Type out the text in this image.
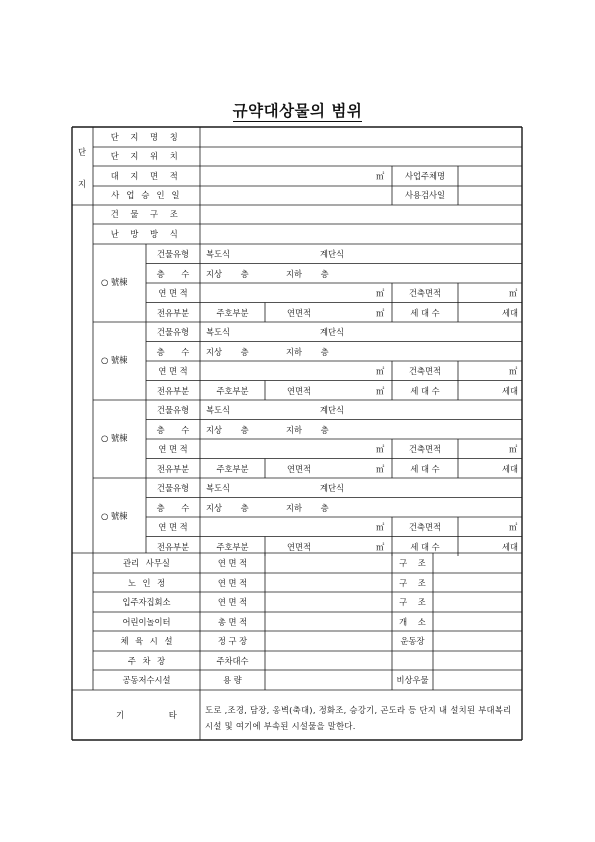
규약대상물의 범위
단
지
단 지 명 칭
단 지 위 치
대 지 면 적	㎡	사업주체명
사 업 승 인 일	사용검사일
건 물 구 조
난 방 방 식
○ 號棟
건물유형	복도식	계단식
층 수	지상 층	지하 층
연 면 적	㎡	건축면적	㎡
전유부분	주호부분	연면적	㎡	세 대 수	세대
○ 號棟
건물유형	복도식	계단식
층 수	지상 층	지하 층
연 면 적	㎡	건축면적	㎡
전유부분	주호부분	연면적	㎡	세 대 수	세대
○ 號棟
건물유형	복도식	계단식
층 수	지상 층	지하 층
연 면 적	㎡	건축면적	㎡
전유부분	주호부분	연면적	㎡	세 대 수	세대
○ 號棟
건물유형	복도식	계단식
층 수	지상 층	지하 층
연 면 적	㎡	건축면적	㎡
전유부분	주호부분	연면적	㎡	세 대 수	세대
관리 사무실	연 면 적	구 조
노 인 정	연 면 적	구 조
입주자집회소	연 면 적	구 조
어린이놀이터	총 면 적	개 소
체 육 시 설	정 구 장	운동장
주 차 장	주차대수
공동저수시설	용 량	비상우물
기 타	도로 ,조경, 담장, 옹벽(축대), 정화조, 승강기, 곤도라 등 단지 내 설치된 부대복리시설 및 여기에 부속된 시설물을 말한다.
